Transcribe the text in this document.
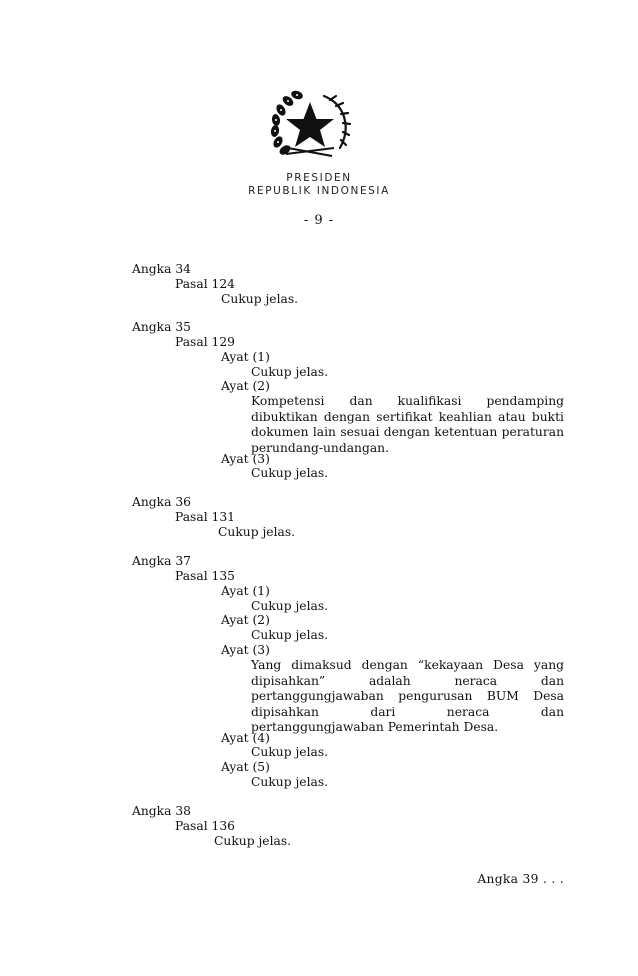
PRESIDEN
REPUBLIK INDONESIA
- 9 -
Angka 34
Pasal 124
Cukup jelas.
Angka 35
Pasal 129
Ayat (1)
Cukup jelas.
Ayat (2)
Kompetensi dan kualifikasi pendamping
dibuktikan dengan sertifikat keahlian atau bukti
dokumen lain sesuai dengan ketentuan peraturan
perundang-undangan.
Ayat (3)
Cukup jelas.
Angka 36
Pasal 131
Cukup jelas.
Angka 37
Pasal 135
Ayat (1)
Cukup jelas.
Ayat (2)
Cukup jelas.
Ayat (3)
Yang dimaksud dengan “kekayaan Desa yang
dipisahkan” adalah neraca dan
pertanggungjawaban pengurusan BUM Desa
dipisahkan dari neraca dan
pertanggungjawaban Pemerintah Desa.
Ayat (4)
Cukup jelas.
Ayat (5)
Cukup jelas.
Angka 38
Pasal 136
Cukup jelas.
Angka 39 . . .
